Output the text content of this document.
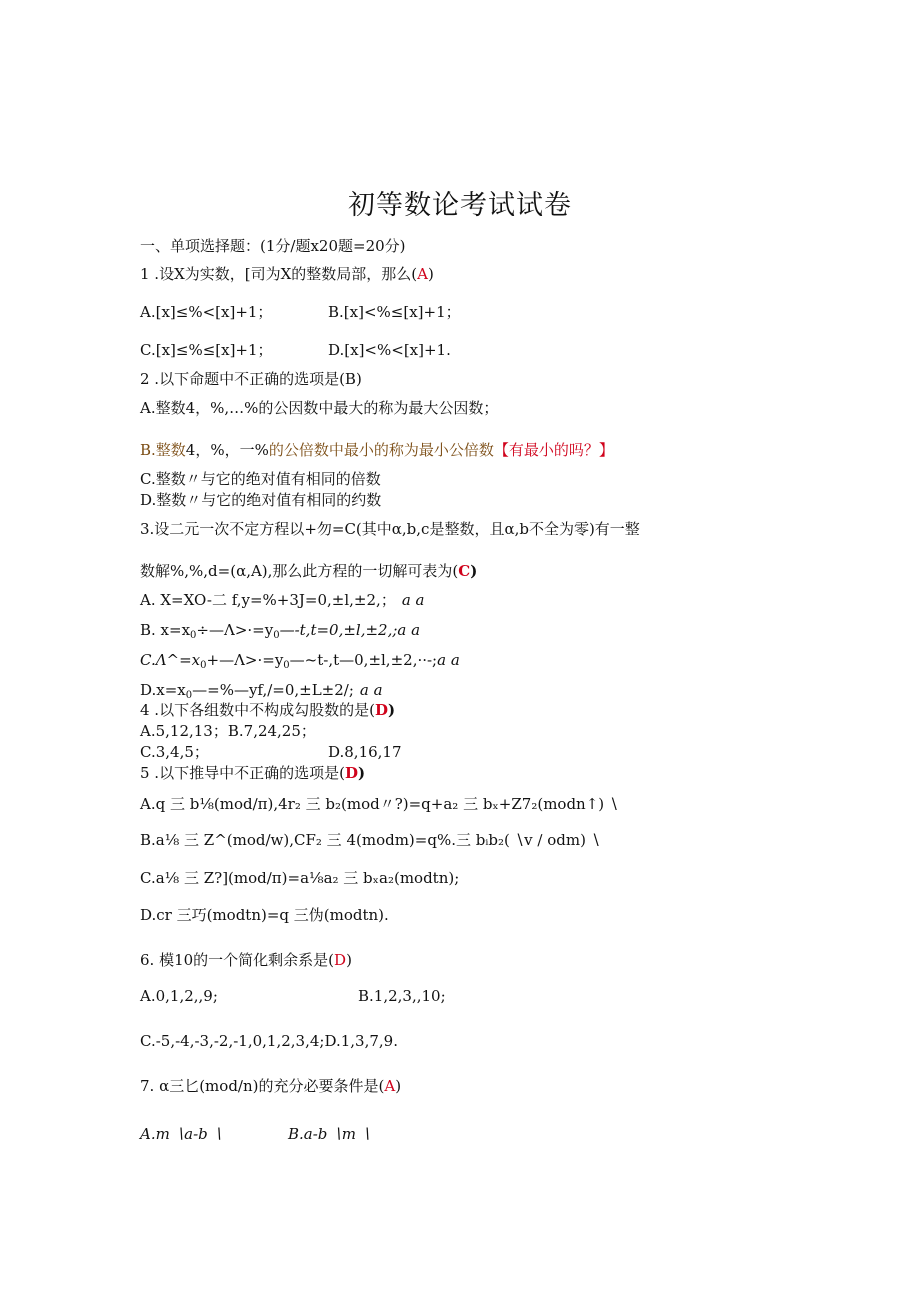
初等数论考试试卷
一、单项选择题：(1分/题x20题=20分)
1 .设X为实数，[司为X的整数局部，那么(A)
A.[x]≤%<[x]+1；	B.[x]<%≤[x]+1；
C.[x]≤%≤[x]+1；	D.[x]<%<[x]+1.
2 .以下命题中不正确的选项是(B)
A.整数4，%,…%的公因数中最大的称为最大公因数；
B.整数4，%，一%的公倍数中最小的称为最小公倍数【有最小的吗？】
C.整数〃与它的绝对值有相同的倍数
D.整数〃与它的绝对值有相同的约数
3.设二元一次不定方程以+勿=C(其中α,b,c是整数，且α,b不全为零)有一整
数解%,%,d=(α,A),那么此方程的一切解可表为(C)
A. X=XO-二 f,y=%+3J=0,±l,±2,； a a
B. $x=x_0\div—\Lambda>\cdot=y_0—-t,t=0,\pm l,\pm 2,;a$ a
$C.\Lambda\^{}=x_0+—\Lambda>\cdot=y_0—\sim t-,t—0,\pm l,\pm 2,\cdot\cdot-;a$ a
$D.x=x_0—=\%—yf,∕=0,\pm L\pm 2/$; a a
4 .以下各组数中不构成勾股数的是(D)
A.5,12,13；B.7,24,25；
C.3,4,5；	D.8,16,17
5 .以下推导中不正确的选项是(D)
A.q 三 b⅛(mod∕π),4r₂ 三 b₂(mod〃?)=q+a₂ 三 bₓ+Z7₂(modn↑) ∖
B.a⅛ 三 Z^(mod∕w),CF₂ 三 4(modm)=q%.三 bᵢb₂( ∖v ∕ odm) ∖
C.a⅛ 三 Z?](mod∕π)=a⅛a₂ 三 bₓa₂(modtn);
D.cr 三巧(modtn)=q 三伪(modtn).
6. 模10的一个简化剩余系是(D)
A.0,1,2,,9;	B.1,2,3,,10;
C.-5,-4,-3,-2,-1,0,1,2,3,4;D.1,3,7,9.
7. α三匕(mod∕n)的充分必要条件是(A)
A.m ∖a-b ∖	B.a-b ∖m ∖
